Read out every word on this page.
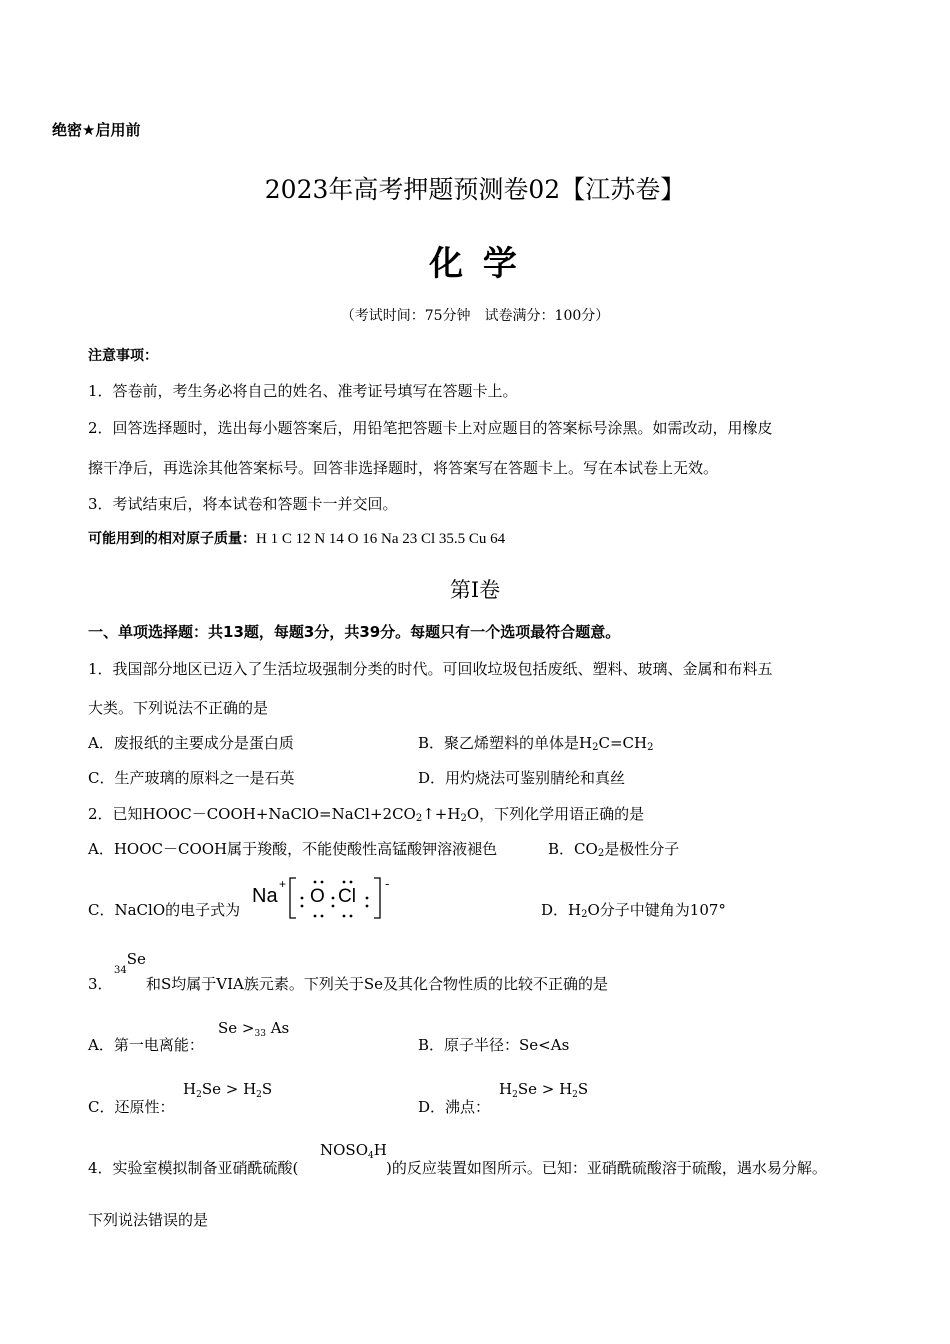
绝密★启用前
2023年高考押题预测卷02【江苏卷】
化 学
（考试时间：75分钟　试卷满分：100分）
注意事项：
1．答卷前，考生务必将自己的姓名、准考证号填写在答题卡上。
2．回答选择题时，选出每小题答案后，用铅笔把答题卡上对应题目的答案标号涂黑。如需改动，用橡皮
擦干净后，再选涂其他答案标号。回答非选择题时，将答案写在答题卡上。写在本试卷上无效。
3．考试结束后，将本试卷和答题卡一并交回。
可能用到的相对原子质量：H 1 C 12 N 14 O 16 Na 23 Cl 35.5 Cu 64
第Ⅰ卷
一、单项选择题：共13题，每题3分，共39分。每题只有一个选项最符合题意。
1．我国部分地区已迈入了生活垃圾强制分类的时代。可回收垃圾包括废纸、塑料、玻璃、金属和布料五
大类。下列说法不正确的是
A．废报纸的主要成分是蛋白质	B．聚乙烯塑料的单体是$H_2C=CH_2$
C．生产玻璃的原料之一是石英	D．用灼烧法可鉴别腈纶和真丝
2．已知$HOOC-COOH+NaClO=NaCl+2CO_2↑+H_2O$，下列化学用语正确的是
A．HOOC－COOH属于羧酸，不能使酸性高锰酸钾溶液褪色	B．$CO_2$是极性分子
C．NaClO的电子式为
Na
+
O Cl
-
D．$H_2O$分子中键角为107°
3．
34Se
和S均属于VIA族元素。下列关于Se及其化合物性质的比较不正确的是
A．第一电离能：
$Se >_{33}$ As
B．原子半径：Se<As
C．还原性：
$H_2Se > H_2S$
D．沸点：
$H_2Se > H_2S$
4．实验室模拟制备亚硝酰硫酸(
$NOSO_4H$
)的反应装置如图所示。已知：亚硝酰硫酸溶于硫酸，遇水易分解。
下列说法错误的是
